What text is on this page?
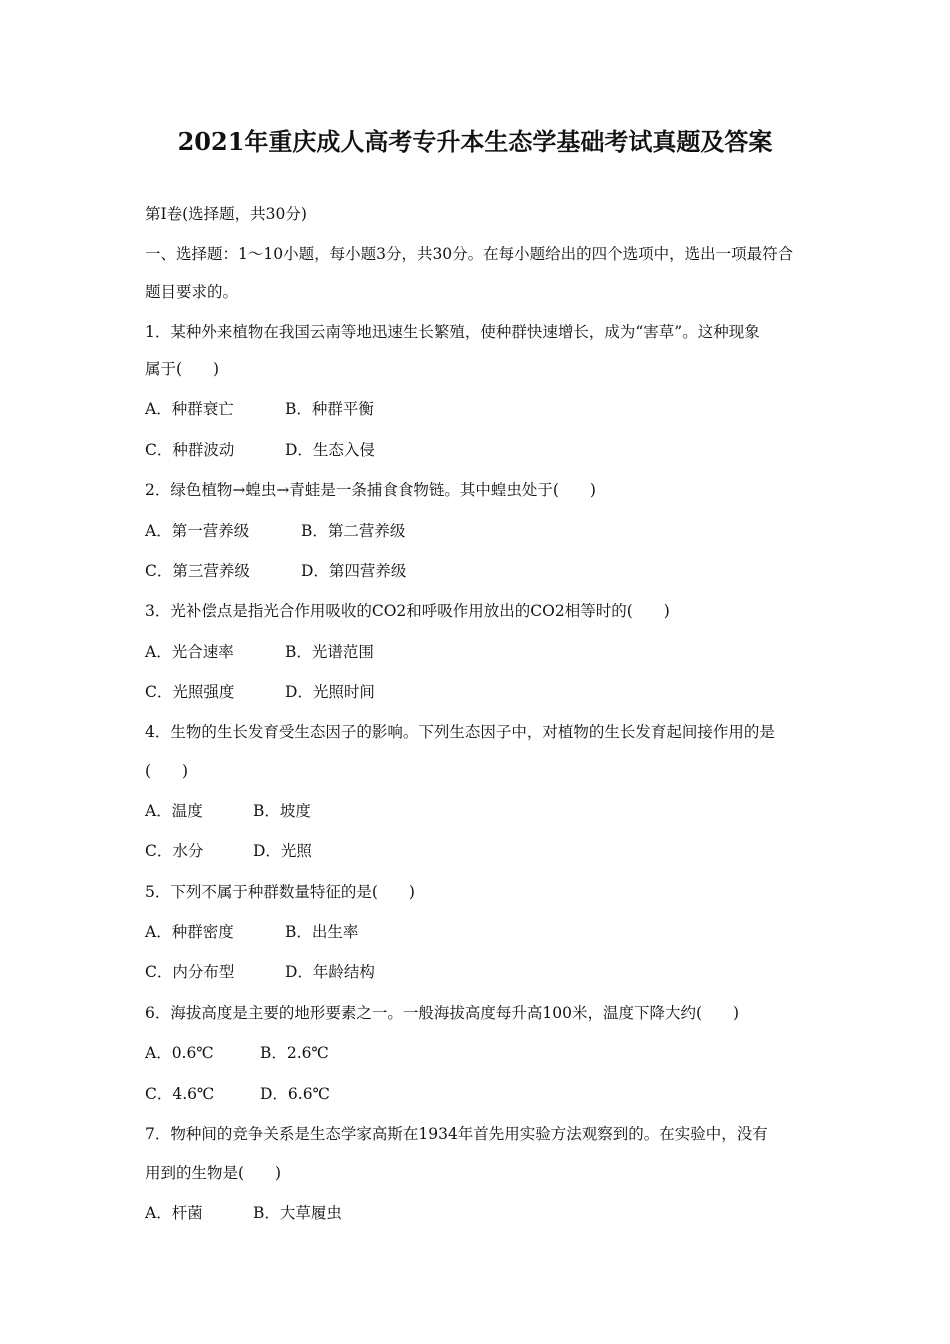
2021年重庆成人高考专升本生态学基础考试真题及答案
第Ⅰ卷(选择题，共30分)
一、选择题：1～10小题，每小题3分，共30分。在每小题给出的四个选项中，选出一项最符合
题目要求的。
1．某种外来植物在我国云南等地迅速生长繁殖，使种群快速增长，成为“害草”。这种现象
属于(　　)
A．种群衰亡	B．种群平衡
C．种群波动	D．生态入侵
2．绿色植物→蝗虫→青蛙是一条捕食食物链。其中蝗虫处于(　　)
A．第一营养级	B．第二营养级
C．第三营养级	D．第四营养级
3．光补偿点是指光合作用吸收的CO2和呼吸作用放出的CO2相等时的(　　)
A．光合速率	B．光谱范围
C．光照强度	D．光照时间
4．生物的生长发育受生态因子的影响。下列生态因子中，对植物的生长发育起间接作用的是
(　　)
A．温度	B．坡度
C．水分	D．光照
5．下列不属于种群数量特征的是(　　)
A．种群密度	B．出生率
C．内分布型	D．年龄结构
6．海拔高度是主要的地形要素之一。一般海拔高度每升高100米，温度下降大约(　　)
A．0.6℃	B．2.6℃
C．4.6℃	D．6.6℃
7．物种间的竞争关系是生态学家高斯在1934年首先用实验方法观察到的。在实验中，没有
用到的生物是(　　)
A．杆菌	B．大草履虫
